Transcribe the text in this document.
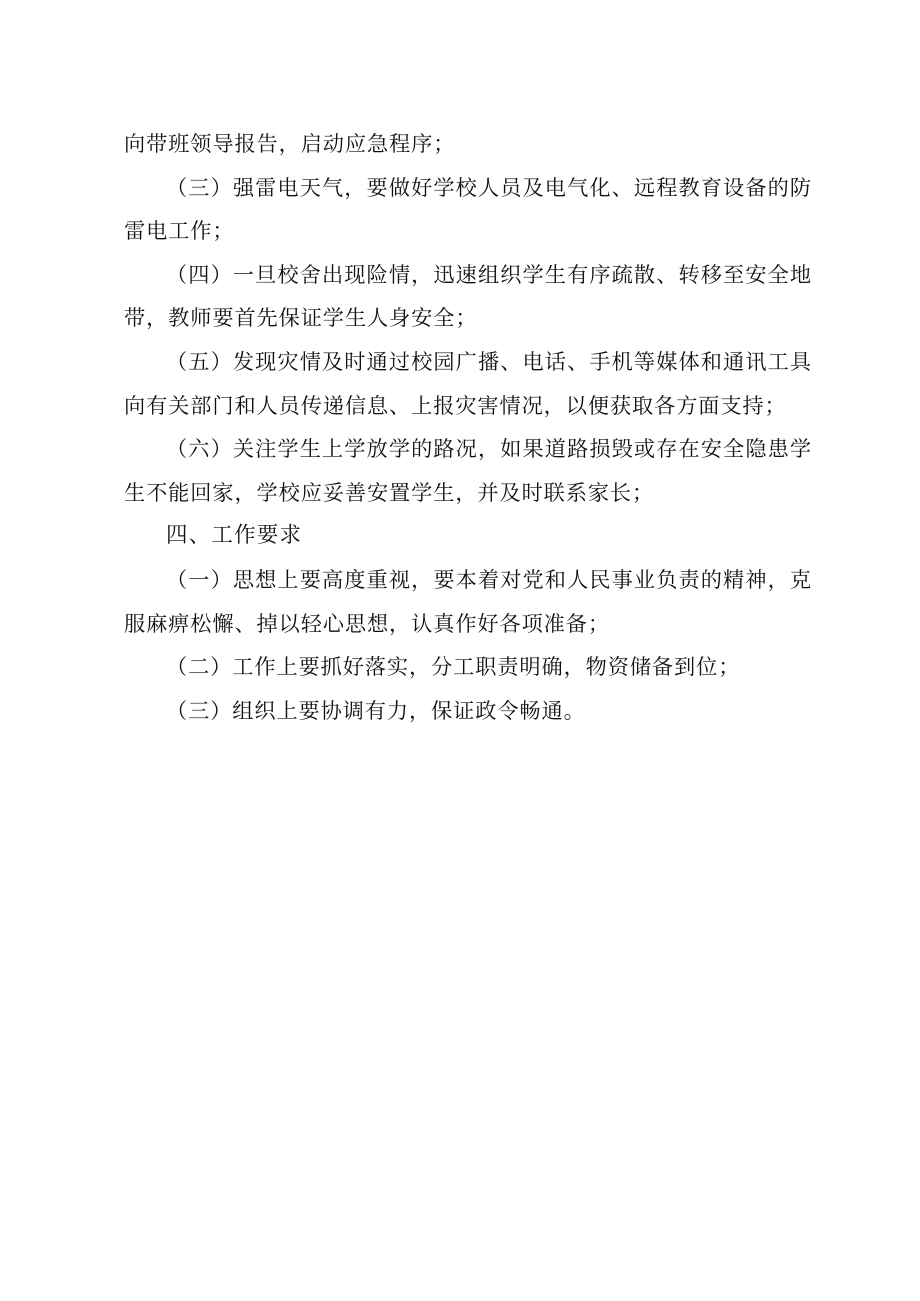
向带班领导报告，启动应急程序；

（三）强雷电天气，要做好学校人员及电气化、远程教育设备的防雷电工作；

（四）一旦校舍出现险情，迅速组织学生有序疏散、转移至安全地带，教师要首先保证学生人身安全；

（五）发现灾情及时通过校园广播、电话、手机等媒体和通讯工具向有关部门和人员传递信息、上报灾害情况，以便获取各方面支持；

（六）关注学生上学放学的路况，如果道路损毁或存在安全隐患学生不能回家，学校应妥善安置学生，并及时联系家长；

四、工作要求

（一）思想上要高度重视，要本着对党和人民事业负责的精神，克服麻痹松懈、掉以轻心思想，认真作好各项准备；

（二）工作上要抓好落实，分工职责明确，物资储备到位；

（三）组织上要协调有力，保证政令畅通。
